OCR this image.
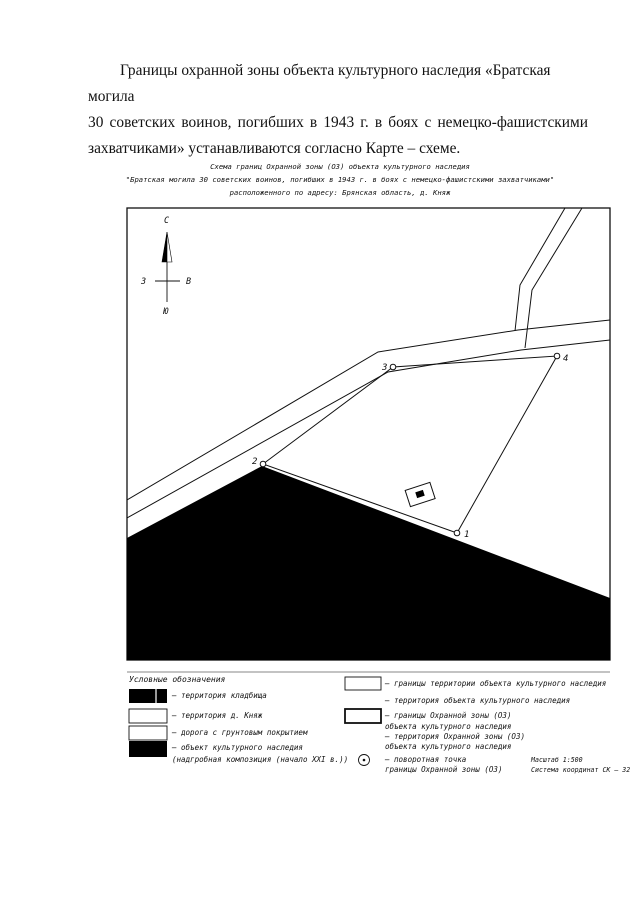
Границы охранной зоны объекта культурного наследия «Братская могила
30 советских воинов, погибших в 1943 г. в боях с немецко-фашистскими
захватчиками» устанавливаются согласно Карте – схеме.

Схема границ Охранной зоны (ОЗ) объекта культурного наследия
"Братская могила 30 советских воинов, погибших в 1943 г. в боях с немецко-фашистскими захватчиками"
расположенного по адресу: Брянская область, д. Княж
1
2
3
4
С
Ю
З	В
Условные обозначения
– территория кладбища
– территория д. Княж
– дорога с грунтовым покрытием
– объект культурного наследия
(надгробная композиция (начало XXI в.))
– границы территории объекта культурного наследия
– территория объекта культурного наследия
– границы Охранной зоны (ОЗ)
объекта культурного наследия
– территория Охранной зоны (ОЗ)
объекта культурного наследия
– поворотная точка
границы Охранной зоны (ОЗ)
Масштаб 1:500
Система координат СК – 32
